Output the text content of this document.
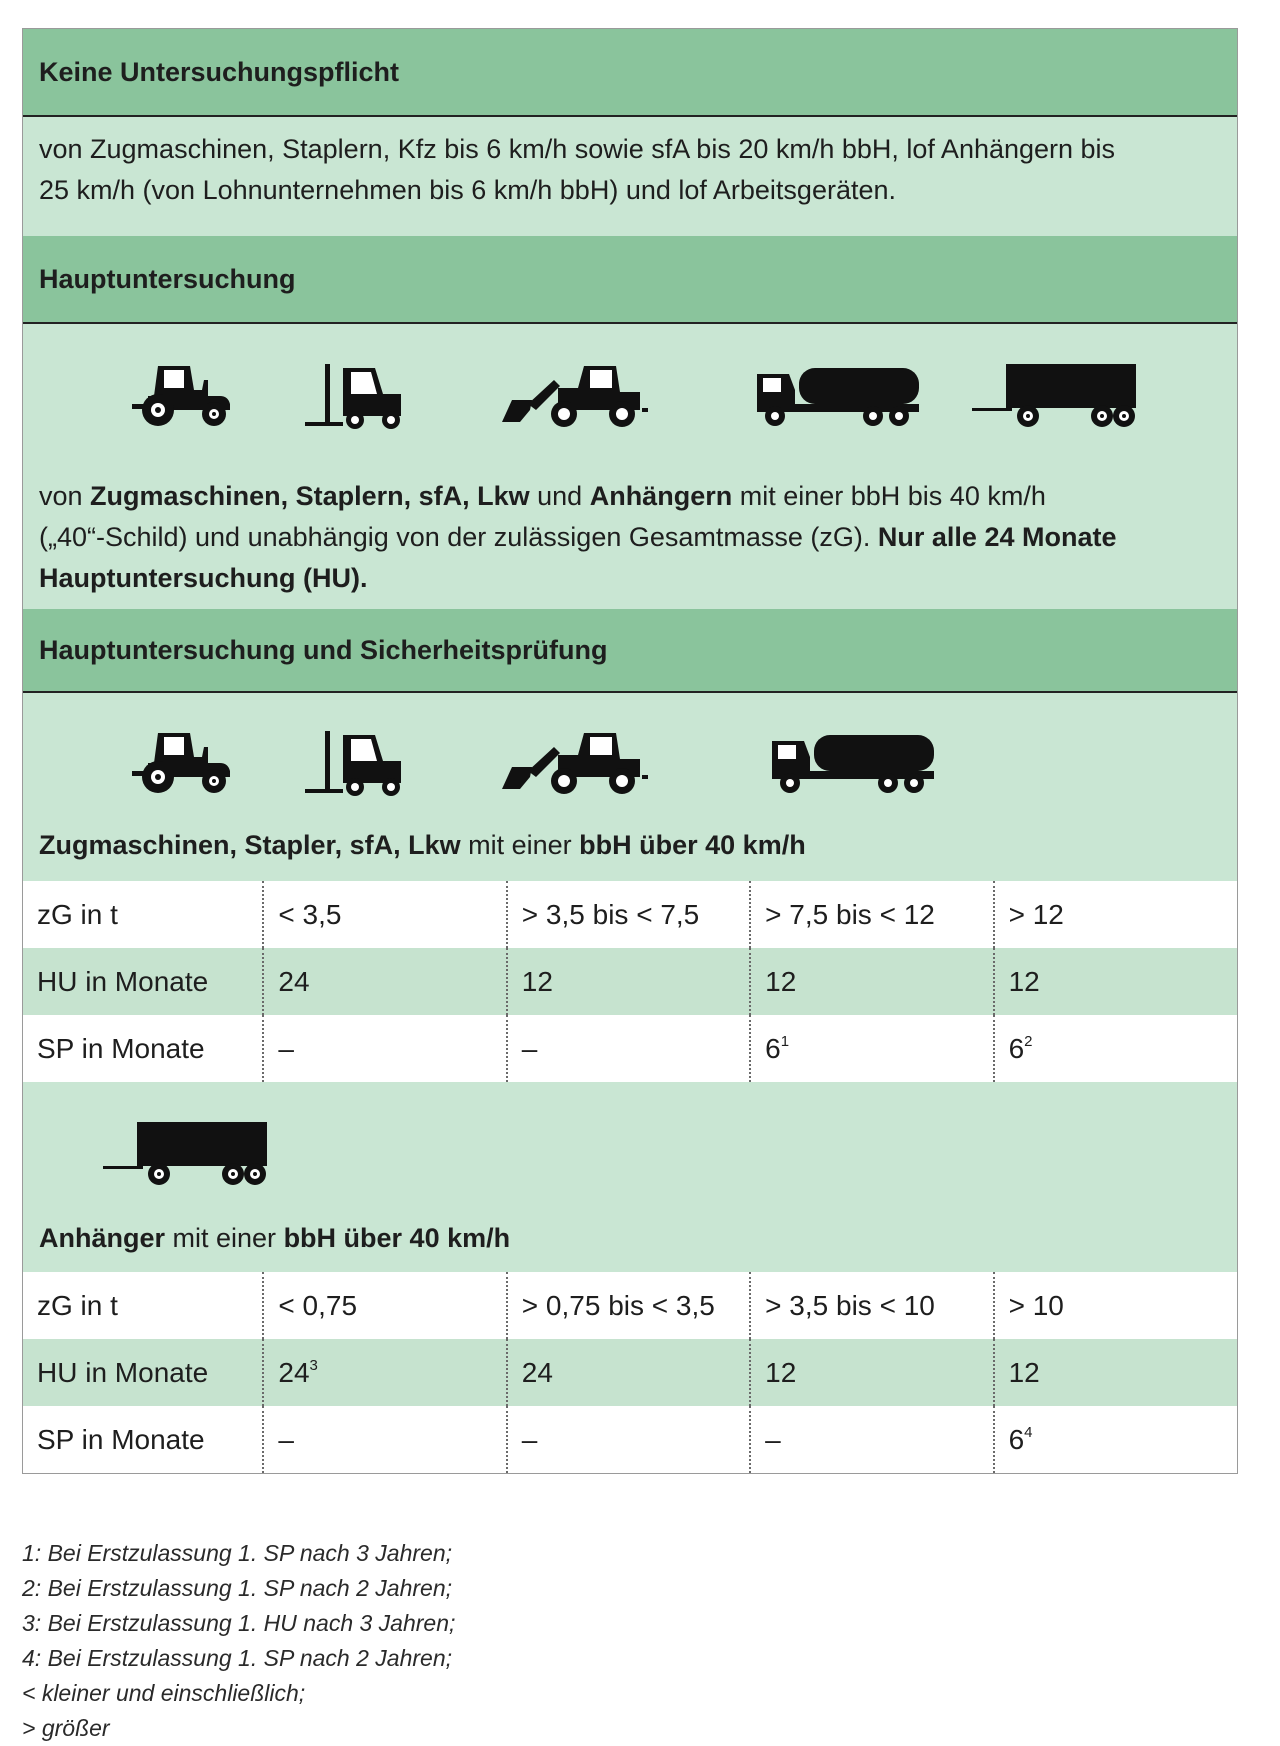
Keine Untersuchungspflicht
von Zugmaschinen, Staplern, Kfz bis 6 km/h sowie sfA bis 20 km/h bbH, lof Anhängern bis
25 km/h (von Lohnunternehmen bis 6 km/h bbH) und lof Arbeitsgeräten.
Hauptuntersuchung
von Zugmaschinen, Staplern, sfA, Lkw und Anhängern mit einer bbH bis 40 km/h
(„40“-Schild) und unabhängig von der zulässigen Gesamtmasse (zG). Nur alle 24 Monate
Hauptuntersuchung (HU).
Hauptuntersuchung und Sicherheitsprüfung
Zugmaschinen, Stapler, sfA, Lkw mit einer bbH über 40 km/h
zG in t	< 3,5	> 3,5 bis < 7,5	> 7,5 bis < 12	> 12
HU in Monate	24	12	12	12
SP in Monate	–	–	$6^1$	$6^2$
Anhänger mit einer bbH über 40 km/h
zG in t	< 0,75	> 0,75 bis < 3,5	> 3,5 bis < 10	> 10
HU in Monate	$24^3$	24	12	12
SP in Monate	–	–	–	$6^4$
1: Bei Erstzulassung 1. SP nach 3 Jahren;
2: Bei Erstzulassung 1. SP nach 2 Jahren;
3: Bei Erstzulassung 1. HU nach 3 Jahren;
4: Bei Erstzulassung 1. SP nach 2 Jahren;
< kleiner und einschließlich;
> größer
